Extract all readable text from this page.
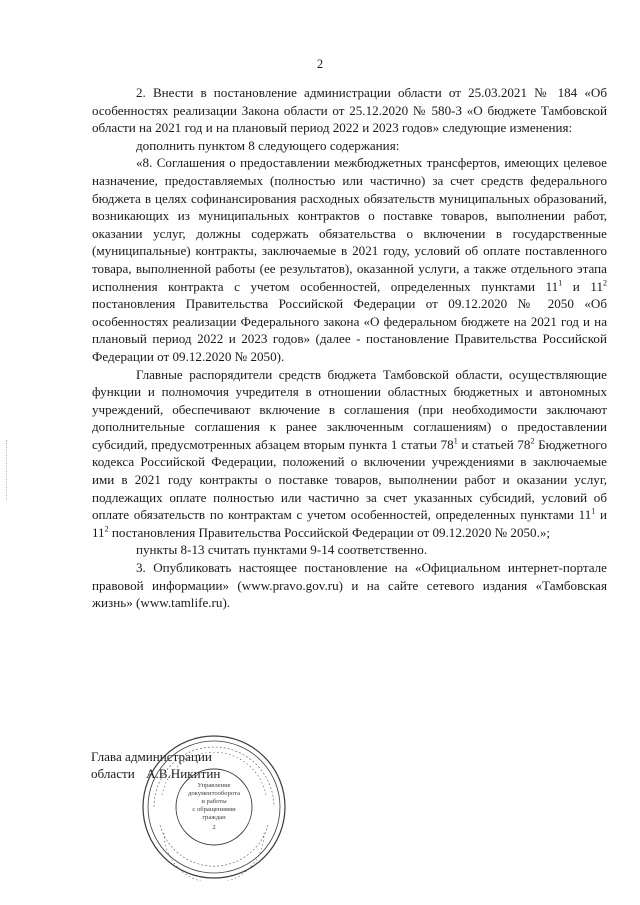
2

2. Внести в постановление администрации области от 25.03.2021 № 184 «Об особенностях реализации Закона области от 25.12.2020 № 580-З «О бюджете Тамбовской области на 2021 год и на плановый период 2022 и 2023 годов» следующие изменения:

дополнить пунктом 8 следующего содержания:

«8. Соглашения о предоставлении межбюджетных трансфертов, имеющих целевое назначение, предоставляемых (полностью или частично) за счет средств федерального бюджета в целях софинансирования расходных обязательств муниципальных образований, возникающих из муниципальных контрактов о поставке товаров, выполнении работ, оказании услуг, должны содержать обязательства о включении в государственные (муниципальные) контракты, заключаемые в 2021 году, условий об оплате поставленного товара, выполненной работы (ее результатов), оказанной услуги, а также отдельного этапа исполнения контракта с учетом особенностей, определенных пунктами $11^1$ и $11^2$ постановления Правительства Российской Федерации от 09.12.2020 № 2050 «Об особенностях реализации Федерального закона «О федеральном бюджете на 2021 год и на плановый период 2022 и 2023 годов» (далее - постановление Правительства Российской Федерации от 09.12.2020 № 2050).

Главные распорядители средств бюджета Тамбовской области, осуществляющие функции и полномочия учредителя в отношении областных бюджетных и автономных учреждений, обеспечивают включение в соглашения (при необходимости заключают дополнительные соглашения к ранее заключенным соглашениям) о предоставлении субсидий, предусмотренных абзацем вторым пункта 1 статьи $78^1$ и статьей $78^2$ Бюджетного кодекса Российской Федерации, положений о включении учреждениями в заключаемые ими в 2021 году контракты о поставке товаров, выполнении работ и оказании услуг, подлежащих оплате полностью или частично за счет указанных субсидий, условий об оплате обязательств по контрактам с учетом особенностей, определенных пунктами $11^1$ и $11^2$ постановления Правительства Российской Федерации от 09.12.2020 № 2050.»;

пункты 8-13 считать пунктами 9-14 соответственно.

3. Опубликовать настоящее постановление на «Официальном интернет-портале правовой информации» (www.pravo.gov.ru) и на сайте сетевого издания «Тамбовская жизнь» (www.tamlife.ru).

Глава администрации
области А.В.Никитин
Управление
документооборота
и работы
с обращениями
граждан
2
